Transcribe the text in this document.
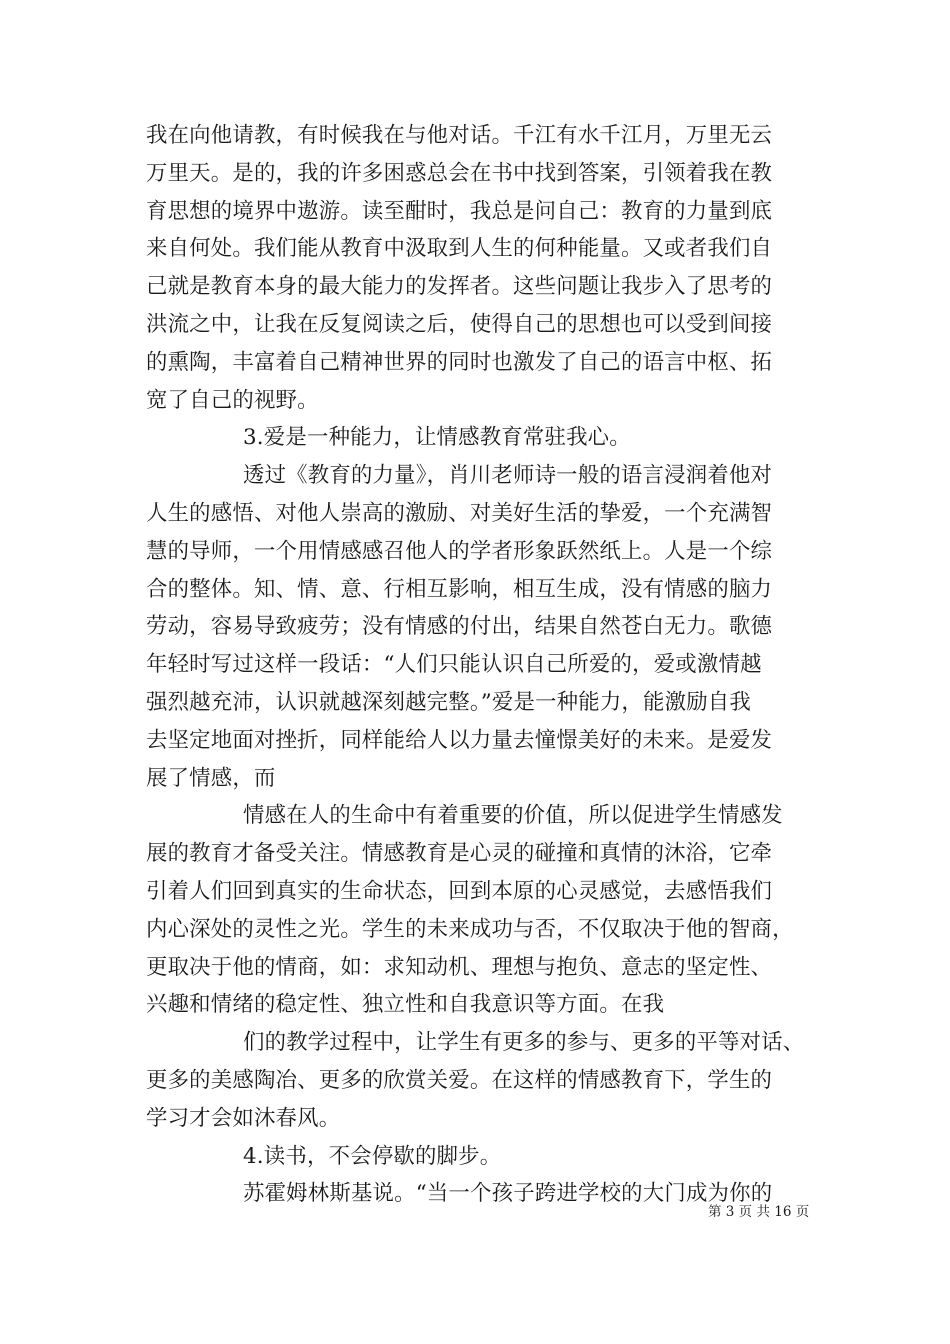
我在向他请教，有时候我在与他对话。千江有水千江月，万里无云
万里天。是的，我的许多困惑总会在书中找到答案，引领着我在教
育思想的境界中遨游。读至酣时，我总是问自己：教育的力量到底
来自何处。我们能从教育中汲取到人生的何种能量。又或者我们自
己就是教育本身的最大能力的发挥者。这些问题让我步入了思考的
洪流之中，让我在反复阅读之后，使得自己的思想也可以受到间接
的熏陶，丰富着自己精神世界的同时也激发了自己的语言中枢、拓
宽了自己的视野。
3.爱是一种能力，让情感教育常驻我心。
透过《教育的力量》，肖川老师诗一般的语言浸润着他对
人生的感悟、对他人崇高的激励、对美好生活的挚爱，一个充满智
慧的导师，一个用情感感召他人的学者形象跃然纸上。人是一个综
合的整体。知、情、意、行相互影响，相互生成，没有情感的脑力
劳动，容易导致疲劳；没有情感的付出，结果自然苍白无力。歌德
年轻时写过这样一段话：“人们只能认识自己所爱的，爱或激情越
强烈越充沛，认识就越深刻越完整。”爱是一种能力，能激励自我
去坚定地面对挫折，同样能给人以力量去憧憬美好的未来。是爱发
展了情感，而
情感在人的生命中有着重要的价值，所以促进学生情感发
展的教育才备受关注。情感教育是心灵的碰撞和真情的沐浴，它牵
引着人们回到真实的生命状态，回到本原的心灵感觉，去感悟我们
内心深处的灵性之光。学生的未来成功与否，不仅取决于他的智商，
更取决于他的情商，如：求知动机、理想与抱负、意志的坚定性、
兴趣和情绪的稳定性、独立性和自我意识等方面。在我
们的教学过程中，让学生有更多的参与、更多的平等对话、
更多的美感陶冶、更多的欣赏关爱。在这样的情感教育下，学生的
学习才会如沐春风。
4.读书，不会停歇的脚步。
苏霍姆林斯基说。“当一个孩子跨进学校的大门成为你的
第 3 页 共 16 页
